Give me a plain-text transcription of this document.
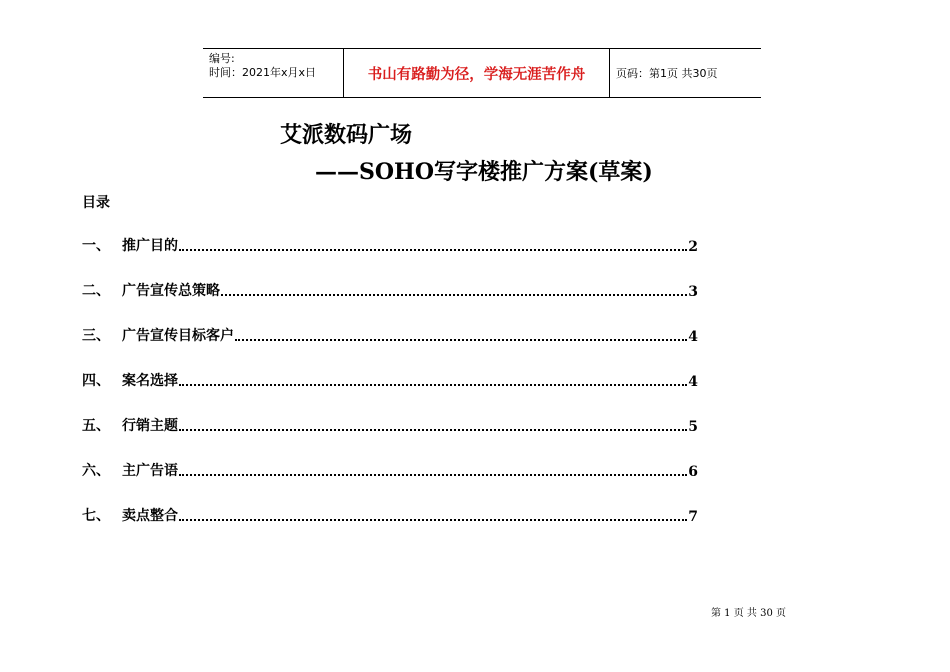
编号:
时间：2021年x月x日	书山有路勤为径，学海无涯苦作舟	页码：第1页 共30页
艾派数码广场
——SOHO写字楼推广方案(草案)
目录
一、 推广目的	2
二、 广告宣传总策略	3
三、 广告宣传目标客户	4
四、 案名选择	4
五、 行销主题	5
六、 主广告语	6
七、 卖点整合	7
第 1 页 共 30 页
